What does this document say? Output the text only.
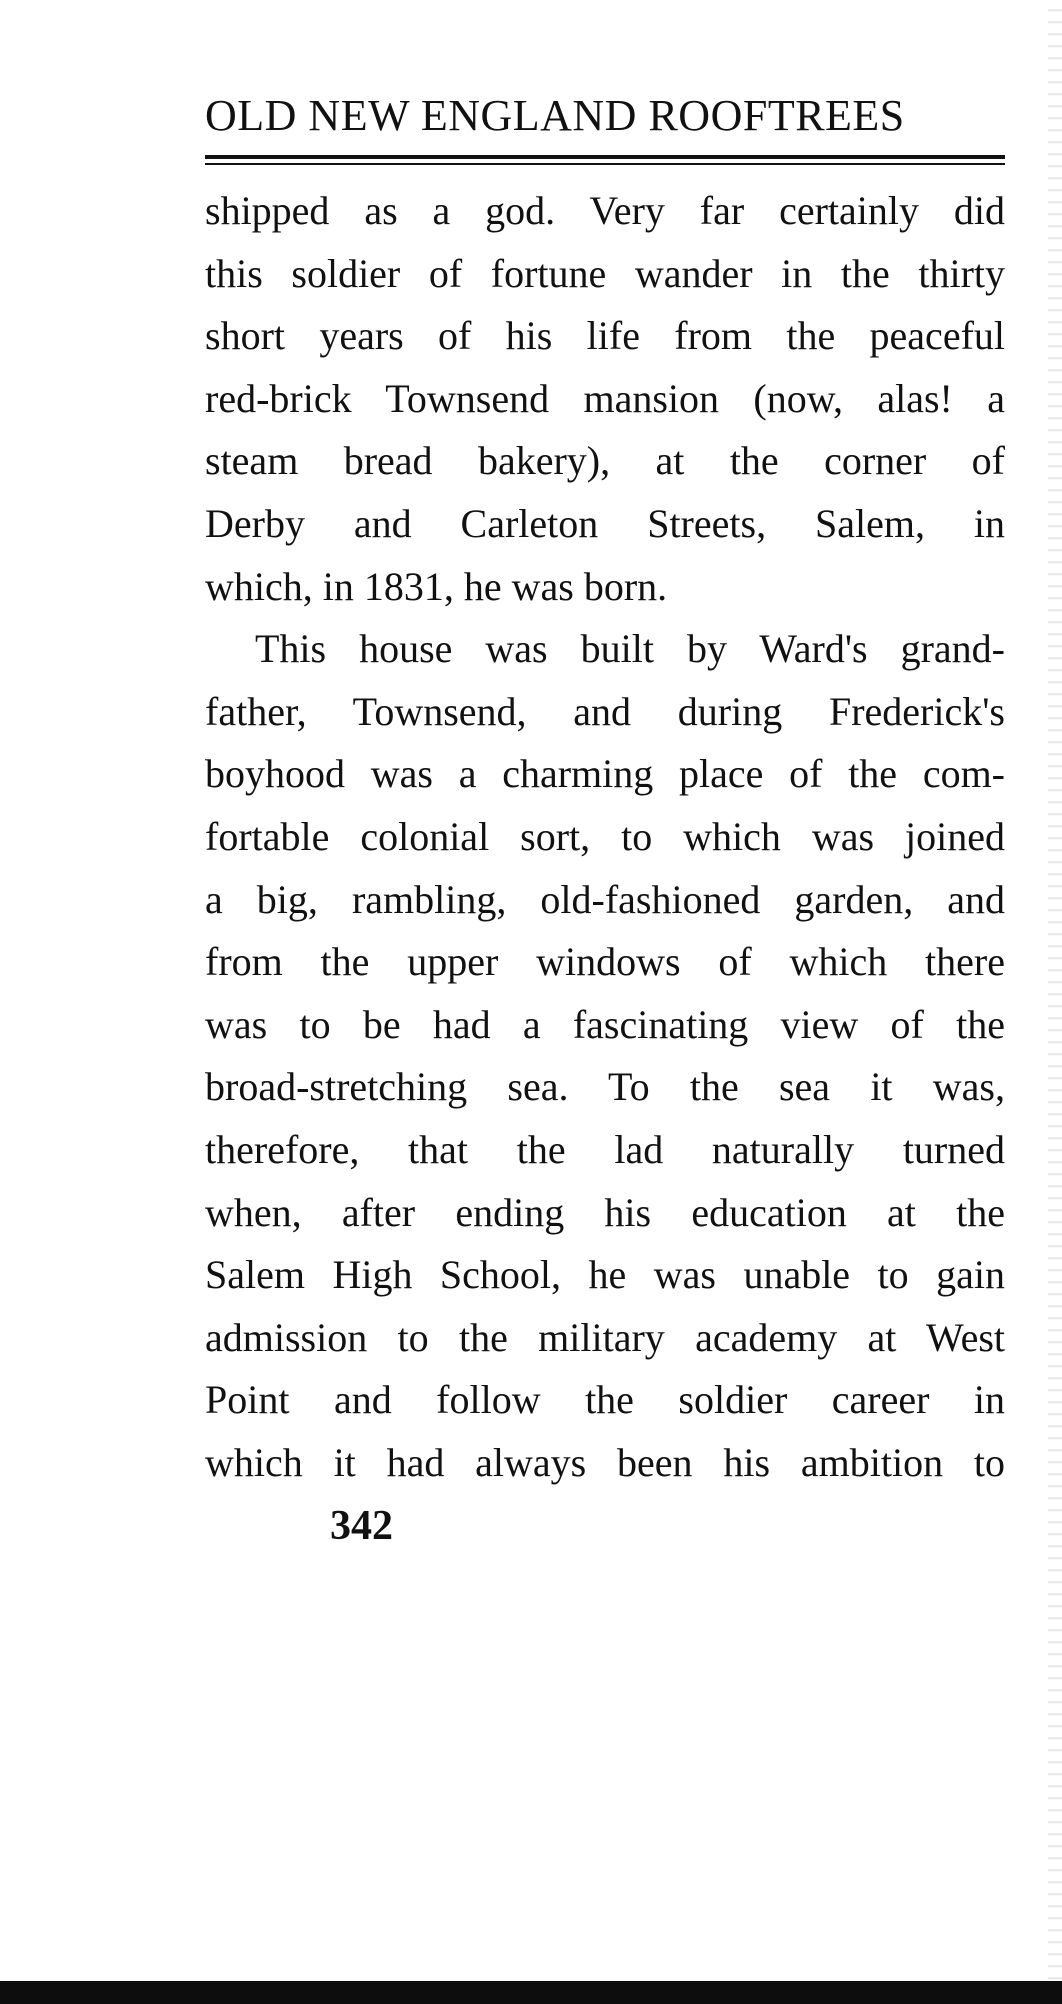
OLD NEW ENGLAND ROOFTREES
shipped as a god. Very far certainly did
this soldier of fortune wander in the thirty
short years of his life from the peaceful
red-brick Townsend mansion (now, alas! a
steam bread bakery), at the corner of
Derby and Carleton Streets, Salem, in
which, in 1831, he was born.
This house was built by Ward's grand-
father, Townsend, and during Frederick's
boyhood was a charming place of the com-
fortable colonial sort, to which was joined
a big, rambling, old-fashioned garden, and
from the upper windows of which there
was to be had a fascinating view of the
broad-stretching sea. To the sea it was,
therefore, that the lad naturally turned
when, after ending his education at the
Salem High School, he was unable to gain
admission to the military academy at West
Point and follow the soldier career in
which it had always been his ambition to
342
